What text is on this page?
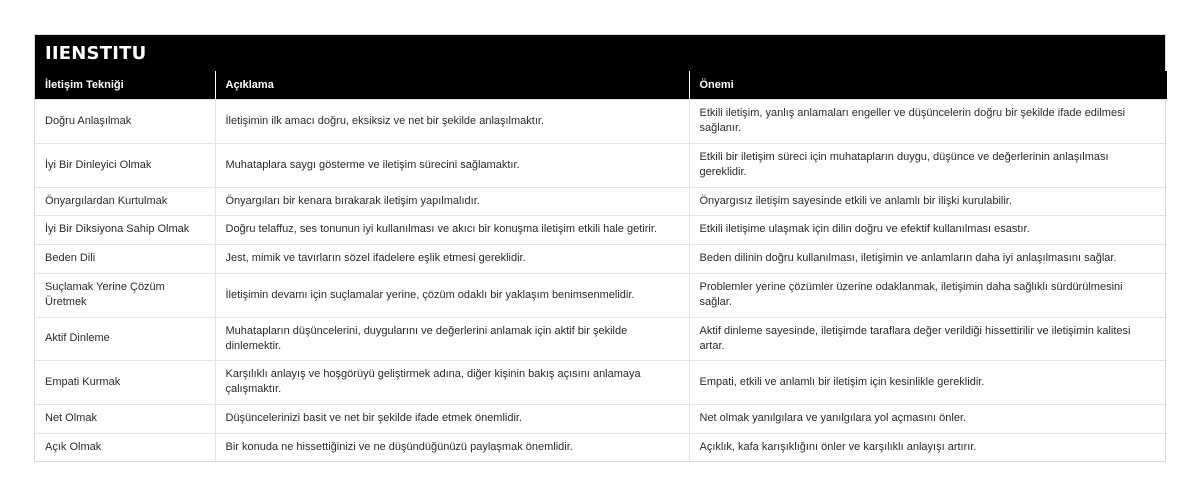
IIENSTITU
İletişim Tekniği	Açıklama	Önemi
Doğru Anlaşılmak	İletişimin ilk amacı doğru, eksiksiz ve net bir şekilde anlaşılmaktır.	Etkili iletişim, yanlış anlamaları engeller ve düşüncelerin doğru bir şekilde ifade edilmesi sağlanır.
İyi Bir Dinleyici Olmak	Muhataplara saygı gösterme ve iletişim sürecini sağlamaktır.	Etkili bir iletişim süreci için muhatapların duygu, düşünce ve değerlerinin anlaşılması gereklidir.
Önyargılardan Kurtulmak	Önyargıları bir kenara bırakarak iletişim yapılmalıdır.	Önyargısız iletişim sayesinde etkili ve anlamlı bir ilişki kurulabilir.
İyi Bir Diksiyona Sahip Olmak	Doğru telaffuz, ses tonunun iyi kullanılması ve akıcı bir konuşma iletişim etkili hale getirir.	Etkili iletişime ulaşmak için dilin doğru ve efektif kullanılması esastır.
Beden Dili	Jest, mimik ve tavırların sözel ifadelere eşlik etmesi gereklidir.	Beden dilinin doğru kullanılması, iletişimin ve anlamların daha iyi anlaşılmasını sağlar.
Suçlamak Yerine Çözüm Üretmek	İletişimin devamı için suçlamalar yerine, çözüm odaklı bir yaklaşım benimsenmelidir.	Problemler yerine çözümler üzerine odaklanmak, iletişimin daha sağlıklı sürdürülmesini sağlar.
Aktif Dinleme	Muhatapların düşüncelerini, duygularını ve değerlerini anlamak için aktif bir şekilde dinlemektir.	Aktif dinleme sayesinde, iletişimde taraflara değer verildiği hissettirilir ve iletişimin kalitesi artar.
Empati Kurmak	Karşılıklı anlayış ve hoşgörüyü geliştirmek adına, diğer kişinin bakış açısını anlamaya çalışmaktır.	Empati, etkili ve anlamlı bir iletişim için kesinlikle gereklidir.
Net Olmak	Düşüncelerinizi basit ve net bir şekilde ifade etmek önemlidir.	Net olmak yanılgılara ve yanılgılara yol açmasını önler.
Açık Olmak	Bir konuda ne hissettiğinizi ve ne düşündüğünüzü paylaşmak önemlidir.	Açıklık, kafa karışıklığını önler ve karşılıklı anlayışı artırır.
